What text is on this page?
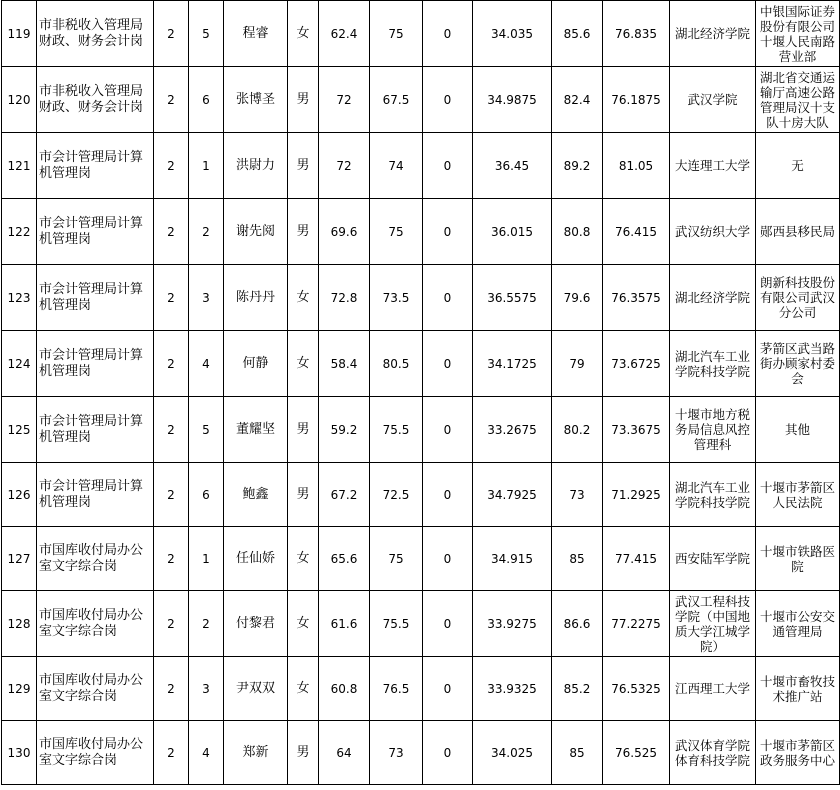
119	市非税收入管理局财政、财务会计岗	2	5	程睿	女	62.4	75	0	34.035	85.6	76.835	湖北经济学院	中银国际证券股份有限公司十堰人民南路营业部
120	市非税收入管理局财政、财务会计岗	2	6	张博圣	男	72	67.5	0	34.9875	82.4	76.1875	武汉学院	湖北省交通运输厅高速公路管理局汉十支队十房大队
121	市会计管理局计算机管理岗	2	1	洪尉力	男	72	74	0	36.45	89.2	81.05	大连理工大学	无
122	市会计管理局计算机管理岗	2	2	谢先阅	男	69.6	75	0	36.015	80.8	76.415	武汉纺织大学	郧西县移民局
123	市会计管理局计算机管理岗	2	3	陈丹丹	女	72.8	73.5	0	36.5575	79.6	76.3575	湖北经济学院	朗新科技股份有限公司武汉分公司
124	市会计管理局计算机管理岗	2	4	何静	女	58.4	80.5	0	34.1725	79	73.6725	湖北汽车工业学院科技学院	茅箭区武当路街办顾家村委会
125	市会计管理局计算机管理岗	2	5	董耀坚	男	59.2	75.5	0	33.2675	80.2	73.3675	十堰市地方税务局信息风控管理科	其他
126	市会计管理局计算机管理岗	2	6	鲍鑫	男	67.2	72.5	0	34.7925	73	71.2925	湖北汽车工业学院科技学院	十堰市茅箭区人民法院
127	市国库收付局办公室文字综合岗	2	1	任仙娇	女	65.6	75	0	34.915	85	77.415	西安陆军学院	十堰市铁路医院
128	市国库收付局办公室文字综合岗	2	2	付黎君	女	61.6	75.5	0	33.9275	86.6	77.2275	武汉工程科技学院（中国地质大学江城学院）	十堰市公安交通管理局
129	市国库收付局办公室文字综合岗	2	3	尹双双	女	60.8	76.5	0	33.9325	85.2	76.5325	江西理工大学	十堰市畜牧技术推广站
130	市国库收付局办公室文字综合岗	2	4	郑新	男	64	73	0	34.025	85	76.525	武汉体育学院体育科技学院	十堰市茅箭区政务服务中心
